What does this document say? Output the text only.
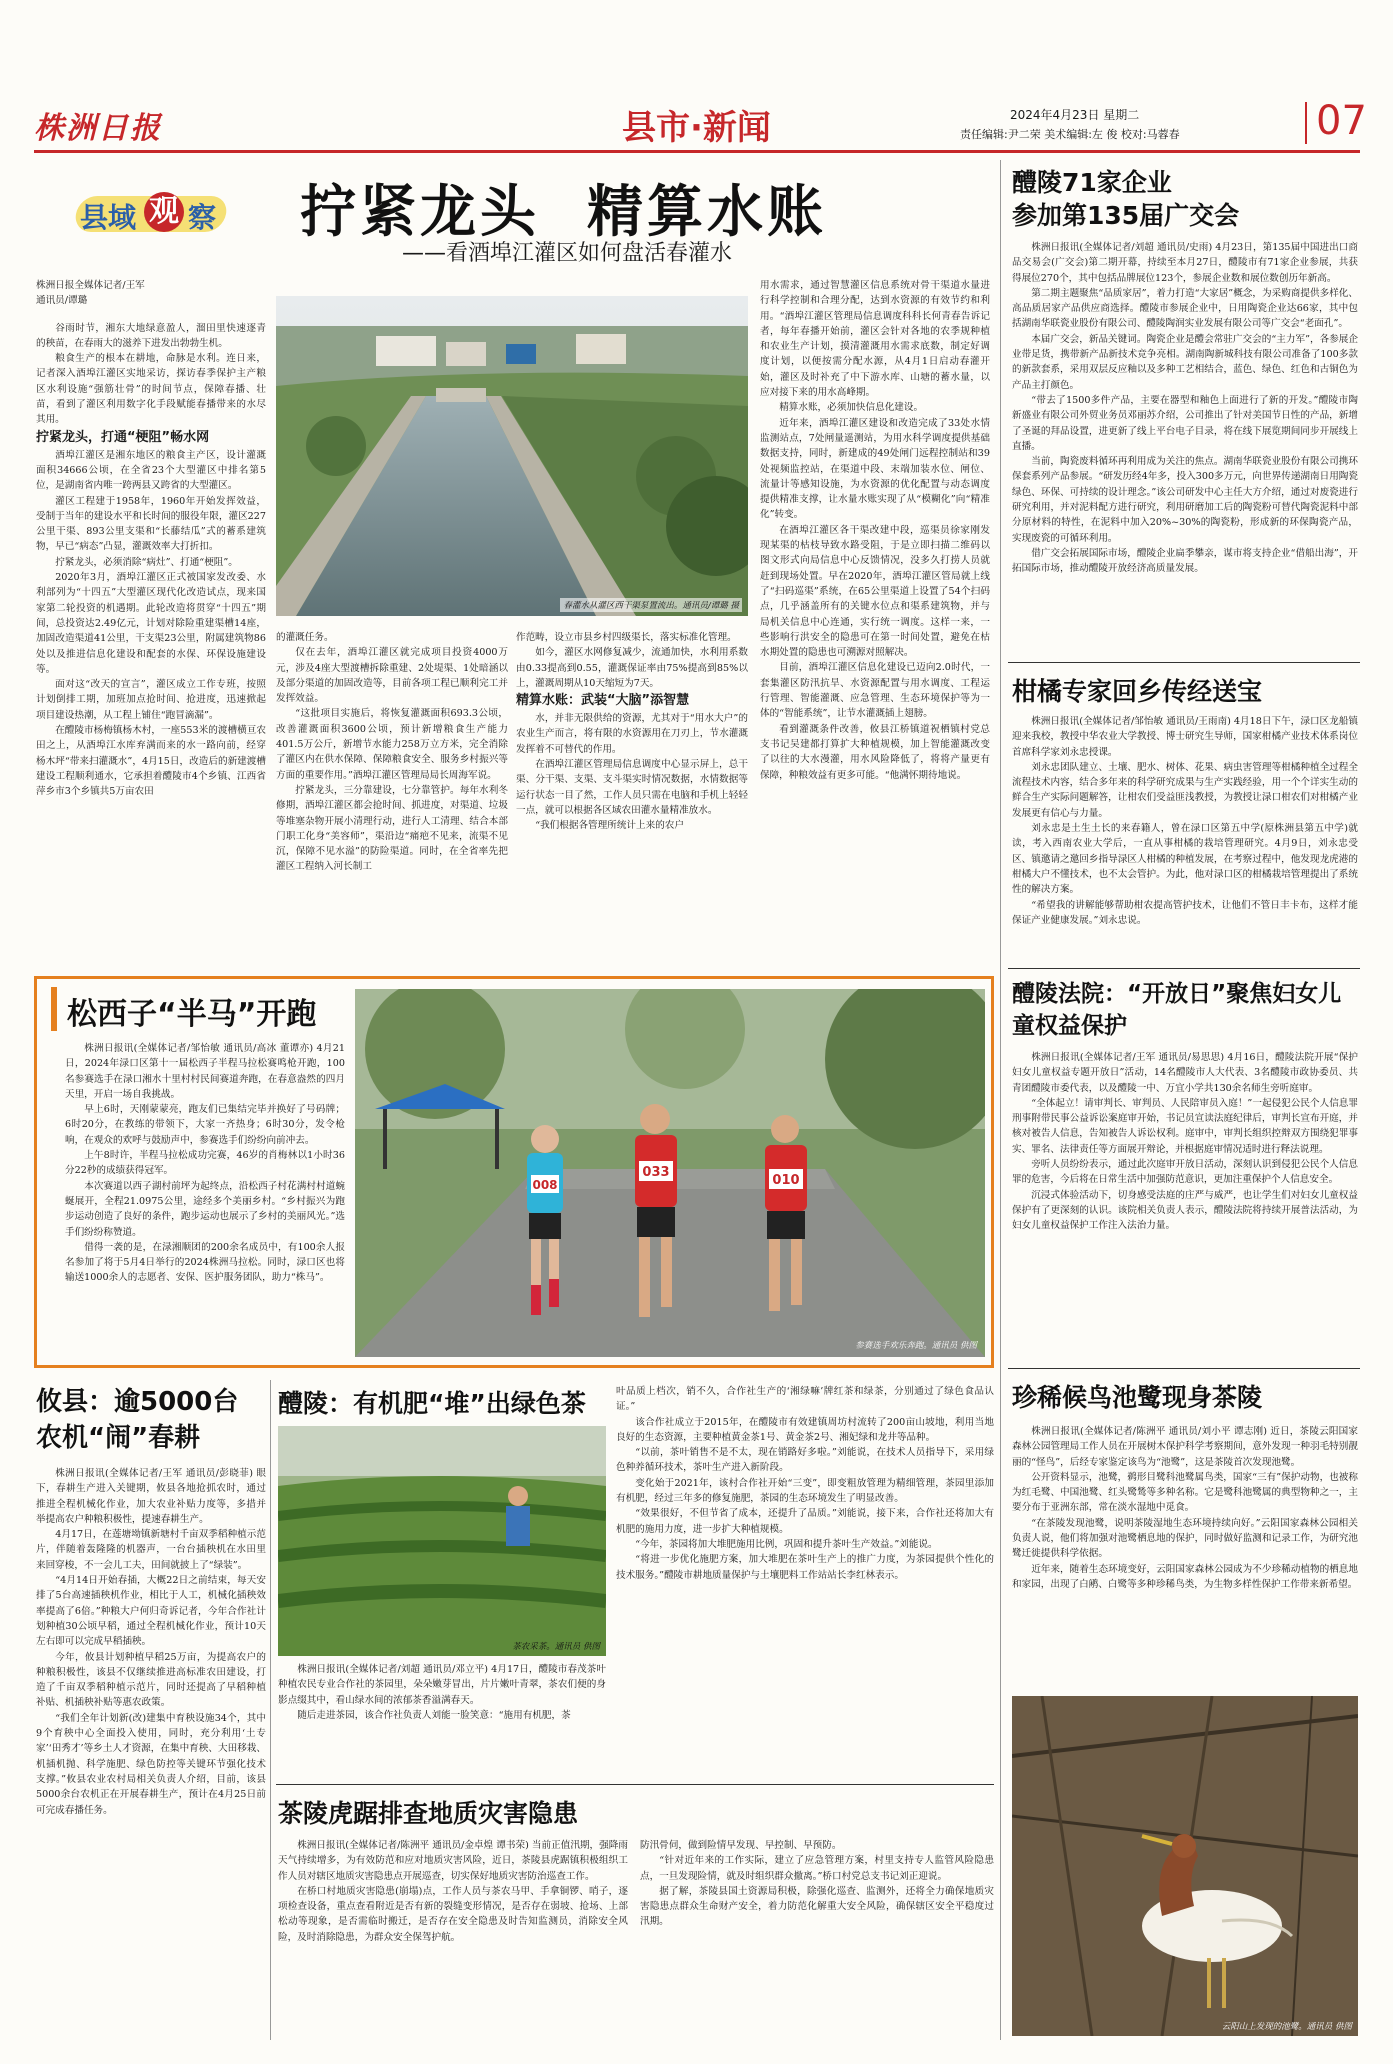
株洲日报	县市·新闻	2024年4月23日 星期二
责任编辑:尹二荣 美术编辑:左 俊 校对:马蓉春	07
县域 观 察 拧紧龙头  精算水账
——看酒埠江灌区如何盘活春灌水

株洲日报全媒体记者/王军
通讯员/谭璐

谷雨时节，湘东大地绿意盈人，溜田里快速逐青的秧苗，在春雨大的滋养下进发出勃勃生机。

粮食生产的根本在耕地，命脉是水利。连日来，记者深入酒埠江灌区实地采访，探访春季保护主产粮区水利设施“强筋壮骨”的时间节点，保障春播、壮苗，看到了灌区利用数字化手段赋能春播带来的水尽其用。

拧紧龙头，打通“梗阻”畅水网

酒埠江灌区是湘东地区的粮食主产区，设计灌溉面积34666公顷，在全省23个大型灌区中排名第5位，是湖南省内唯一跨两县又跨省的大型灌区。

灌区工程建于1958年，1960年开始发挥效益，受制于当年的建设水平和长时间的服役年限，灌区227公里干渠、893公里支渠和“长藤结瓜”式的蓄系建筑物，早已“病态”凸显，灌溉效率大打折扣。

拧紧龙头，必须消除“病灶”、打通“梗阻”。

2020年3月，酒埠江灌区正式被国家发改委、水利部列为“十四五”大型灌区现代化改造试点，现来国家第二轮投资的机遇期。此轮改造将贯穿“十四五”期间，总投资达2.49亿元，计划对除险重建渠槽14座，加固改造渠道41公里，干支渠23公里，附属建筑物86处以及推进信息化建设和配套的水保、环保设施建设等。

面对这“改天的宣言”，灌区成立工作专班，按照计划倒排工期，加班加点抢时间、抢进度，迅速掀起项目建设热潮，从工程上铺住“跑冒滴漏”。

在醴陵市杨梅镇杨木村，一座553米的渡槽横亘农田之上，从酒埠江水库弃满而来的水一路向前，经穿杨木坪“带来扫灌溉水”，4月15日，改造后的新建渡槽建设工程顺利通水，它承担着醴陵市4个乡镇、江西省萍乡市3个乡镇共5万亩农田

春灌水从灌区西干渠泵置流出。通讯员/谭璐 摄

用水需求，通过智慧灌区信息系统对骨干渠道水量进行科学控制和合理分配，达到水资源的有效节约和利用。“酒埠江灌区管理局信息调度科科长何青春告诉记者，每年春播开始前，灌区会针对各地的农季规种植和农业生产计划，摸清灌溉用水需求底数，制定好调度计划，以便按需分配水源，从4月1日启动春灌开始，灌区及时补充了中下游水库、山塘的蓄水量，以应对接下来的用水高峰期。

精算水账，必须加快信息化建设。

近年来，酒埠江灌区建设和改造完成了33处水情监测站点，7处闸量遥测站，为用水科学调度提供基础数据支持，同时，新建成的49处闸门远程控制站和39处视频监控站，在渠道中段、末端加装水位、闸位、流量计等感知设施，为水资源的优化配置与动态调度提供精准支撑，让水量水账实现了从“模糊化”向“精准化”转变。

在酒埠江灌区各干渠改建中段，巡渠员徐家刚发现某渠的枯枝导致水路受阻，于是立即扫描二维码以图文形式向局信息中心反馈情况，没多久打捞人员就赶到现场处置。早在2020年，酒埠江灌区管局就上线了“扫码巡渠”系统，在65公里渠道上设置了54个扫码点，几乎涵盖所有的关键水位点和渠系建筑物，并与局机关信息中心连通，实行统一调度。这样一来，一些影响行洪安全的隐患可在第一时间处置，避免在枯水期处置的隐患也可溯源对照解决。

目前，酒埠江灌区信息化建设已迈向2.0时代，一套集灌区防汛抗旱、水资源配置与用水调度、工程运行管理、智能灌溉、应急管理、生态环境保护等为一体的“智能系统”，让节水灌溉插上翅膀。

看到灌溉条件改善，攸县江桥镇道祝栖镇村党总支书记吴建都打算扩大种植规模，加上智能灌溉改变了以往的大水漫灌，用水风险降低了，将将产量更有保障，种粮效益有更多可能。“他满怀期待地说。

的灌溉任务。

仅在去年，酒埠江灌区就完成项目投资4000万元，涉及4座大型渡槽拆除重建、2处堤渠、1处暗涵以及部分渠道的加固改造等，目前各项工程已顺利完工并发挥效益。

“这批项目实施后，将恢复灌溉面积693.3公顷，改善灌溉面积3600公顷，预计新增粮食生产能力401.5万公斤，新增节水能力258万立方米，完全消除了灌区内在供水保障、保障粮食安全、服务乡村振兴等方面的重要作用。”酒埠江灌区管理局局长周海军说。

拧紧龙头，三分靠建设，七分靠管护。每年水利冬修期，酒埠江灌区都会抢时间、抓进度，对渠道、垃圾等堆塞杂物开展小清理行动，进行人工清理、结合本部门职工化身“美容师”，渠沿边“痛疤不见来，流渠不见沉，保障不见水溢”的防险渠道。同时，在全省率先把灌区工程纳入河长制工

作范畴，设立市县乡村四级渠长，落实标准化管理。

如今，灌区水网修复减少，流通加快，水利用系数由0.33提高到0.55，灌溉保证率由75%提高到85%以上，灌溉周期从10天缩短为7天。

精算水账：武装“大脑”添智慧

水，并非无限供给的资源，尤其对于“用水大户”的农业生产而言，将有限的水资源用在刀刃上，节水灌溉发挥着不可替代的作用。

在酒埠江灌区管理局信息调度中心显示屏上，总干渠、分干渠、支渠、支斗渠实时情况数据，水情数据等运行状态一目了然，工作人员只需在电脑和手机上轻轻一点，就可以根据各区域农田灌水量精准放水。

“我们根据各管理所统计上来的农户

醴陵71家企业
参加第135届广交会

株洲日报讯(全媒体记者/刘超 通讯员/史雨) 4月23日，第135届中国进出口商品交易会(广交会)第二期开幕，持续至本月27日，醴陵市有71家企业参展，共获得展位270个，其中包括品牌展位123个，参展企业数和展位数创历年新高。

第二期主题聚焦“品质家居”，着力打造“大家居”概念，为采购商提供多样化、高品质居家产品供应商选择。醴陵市参展企业中，日用陶瓷企业达66家，其中包括湖南华联瓷业股份有限公司、醴陵陶润实业发展有限公司等广交会“老面孔”。

本届广交会，新品关键词。陶瓷企业是醴会常驻广交会的“主力军”，各参展企业带足货，携带新产品新技术竞争亮相。湖南陶新城科技有限公司准备了100多款的新款套系，采用双层反应釉以及多种工艺相结合，蓝色、绿色、红色和古铜色为产品主打颜色。

“带去了1500多件产品，主要在器型和釉色上面进行了新的开发。”醴陵市陶新盛业有限公司外贸业务员邓丽苏介绍，公司推出了针对美国节日性的产品，新增了圣诞的拜品设置，进更新了线上平台电子目录，将在线下展览期间同步开展线上直播。

当前，陶瓷废料循环再利用成为关注的焦点。湖南华联瓷业股份有限公司携环保套系列产品参展。“研发历经4年多，投入300多万元，向世界传递湖南日用陶瓷绿色、环保、可持续的设计理念。”该公司研发中心主任大方介绍，通过对废瓷进行研究利用，并对泥料配方进行研究，利用研磨加工后的陶瓷粉可替代陶瓷泥料中部分原材料的特性，在泥料中加入20%~30%的陶瓷粉，形成新的环保陶瓷产品，实现废瓷的可循环利用。

借广交会拓展国际市场，醴陵企业扁季攀亲，谋市将支持企业“借船出海”，开拓国际市场，推动醴陵开放经济高质量发展。

柑橘专家回乡传经送宝

株洲日报讯(全媒体记者/邹怡敏 通讯员/王雨南) 4月18日下午，渌口区龙船镇迎来我校，教授中华农业大学教授、博士研究生导师，国家柑橘产业技术体系岗位首席科学家刘永忠授课。

刘永忠团队建立、土壤、肥水、树体、花果、病虫害管理等柑橘种植全过程全流程技术内容，结合多年来的科学研究成果与生产实践经验，用一个个详实生动的鲜合生产实际问题解答，让柑农们受益匪浅教授，为教授让渌口柑农们对柑橘产业发展更有信心与力量。

刘永忠是土生土长的来春籍人，曾在渌口区第五中学(原株洲县第五中学)就读，考入西南农业大学后，一直从事柑橘的栽培管理研究。4月9日，刘永忠受区、镇邀请之邀回乡指导渌区人柑橘的种植发展，在考察过程中，他发现龙虎港的柑橘大户不懂技术，也不太会管护。为此，他对渌口区的柑橘栽培管理提出了系统性的解决方案。

“希望我的讲解能够帮助柑农提高管护技术，让他们不管日丰卡布，这样才能保证产业健康发展。”刘永忠说。

松西子“半马”开跑

株洲日报讯(全媒体记者/邹怡敏 通讯员/高冰 董谭亦) 4月21日，2024年渌口区第十一届松西子半程马拉松赛鸣枪开跑，100名参赛选手在渌口湘水十里村村民间赛道奔跑，在春意盎然的四月天里，开启一场自我挑战。

早上6时，天刚蒙蒙亮，跑友们已集结完毕并换好了号码牌；6时20分，在教练的带领下，大家一齐热身；6时30分，发令枪响，在观众的欢呼与鼓励声中，参赛选手们纷纷向前冲去。

上午8时许，半程马拉松成功完赛，46岁的肖梅林以1小时36分22秒的成绩获得冠军。

本次赛道以西子湖村前坪为起终点，沿松西子村花满村村道蜿蜒展开，全程21.0975公里，途经多个美丽乡村。“乡村振兴为跑步运动创造了良好的条件，跑步运动也展示了乡村的美丽风光。”选手们纷纷称赞道。

借得一袭的是，在渌湘顺团的200余名成员中，有100余人报名参加了将于5月4日举行的2024株洲马拉松。同时，渌口区也将输送1000余人的志愿者、安保、医护服务团队，助力“株马”。

008
033
010
参赛选手欢乐奔跑。通讯员 供图
醴陵法院：“开放日”聚焦妇女儿童权益保护

株洲日报讯(全媒体记者/王军 通讯员/易思思) 4月16日，醴陵法院开展“保护妇女儿童权益专题开放日”活动，14名醴陵市人大代表、3名醴陵市政协委员、共青团醴陵市委代表，以及醴陵一中、万宜小学共130余名师生旁听庭审。

“全体起立！请审判长、审判员、人民陪审员入庭！”一起侵犯公民个人信息罪刑事附带民事公益诉讼案庭审开始，书记员宣读法庭纪律后，审判长宣布开庭，并核对被告人信息，告知被告人诉讼权利。庭审中，审判长组织控辩双方围绕犯罪事实、罪名、法律责任等方面展开辩论，并根据庭审情况适时进行释法说理。

旁听人员纷纷表示，通过此次庭审开放日活动，深刻认识到侵犯公民个人信息罪的危害，今后将在日常生活中加强防范意识，更加注重保护个人信息安全。

沉浸式体验活动下，切身感受法庭的庄严与威严，也让学生们对妇女儿童权益保护有了更深刻的认识。该院相关负责人表示，醴陵法院将持续开展普法活动，为妇女儿童权益保护工作注入法治力量。

珍稀候鸟池鹭现身茶陵

株洲日报讯(全媒体记者/陈洲平 通讯员/刘小平 谭志刚) 近日，茶陵云阳国家森林公园管理局工作人员在开展树木保护科学考察期间，意外发现一种羽毛特别靓丽的“怪鸟”，后经专家鉴定该鸟为“池鹭”，这是茶陵首次发现池鹭。

公开资料显示，池鹭，鹈形目鹭科池鹭属鸟类，国家“三有”保护动物，也被称为红毛鹭、中国池鹭、红头鹭鸶等多种名称。它是鹭科池鹭属的典型物种之一，主要分布于亚洲东部，常在淡水湿地中觅食。

“在茶陵发现池鹭，说明茶陵湿地生态环境持续向好。”云阳国家森林公园相关负责人说，他们将加强对池鹭栖息地的保护，同时做好监测和记录工作，为研究池鹭迁徙提供科学依据。

近年来，随着生态环境变好，云阳国家森林公园成为不少珍稀动植物的栖息地和家园，出现了白鹇、白鹭等多种珍稀鸟类，为生物多样性保护工作带来新希望。

云阳山上发现的池鹭。通讯员 供图
攸县：逾5000台
农机“闹”春耕

株洲日报讯(全媒体记者/王军 通讯员/彭晓菲) 眼下，春耕生产进入关键期，攸县各地抢抓农时，通过推进全程机械化作业，加大农业补贴力度等，多措并举提高农户种粮积极性，提速春耕生产。

4月17日，在莲塘坳镇新塘村千亩双季稻种植示范片，伴随着轰隆隆的机器声，一台台插秧机在水田里来回穿梭，不一会儿工夫，田间就披上了“绿装”。

“4月14日开始春插，大概22日之前结束，每天安排了5台高速插秧机作业，相比于人工，机械化插秧效率提高了6倍。”种粮大户何归奇诉记者，今年合作社计划种植30公顷早稻，通过全程机械化作业，预计10天左右即可以完成早稻插秧。

今年，攸县计划种植早稻25万亩，为提高农户的种粮积极性，该县不仅继续推进高标准农田建设，打造了千亩双季稻种植示范片，同时还提高了早稻种植补贴、机插秧补贴等惠农政策。

“我们全年计划新(改)建集中育秧设施34个，其中9个育秧中心全面投入使用，同时，充分利用‘土专家’‘田秀才’等乡土人才资源，在集中育秧、大田移栽、机插机抛、科学施肥、绿色防控等关键环节强化技术支撑。”攸县农业农村局相关负责人介绍，目前，该县5000余台农机正在开展春耕生产，预计在4月25日前可完成春播任务。

醴陵：有机肥“堆”出绿色茶
茶农采茶。通讯员 供图

株洲日报讯(全媒体记者/刘超 通讯员/邓立平) 4月17日，醴陵市春茂茶叶种植农民专业合作社的茶园里，朵朵嫩芽冒出，片片嫩叶青翠，茶农们便的身影点缀其中，看山绿水间的浓郁茶香溢满春天。

随后走进茶园，该合作社负责人刘能一脸笑意：“施用有机肥，茶

叶品质上档次，销不久，合作社生产的‘湘绿嘛’牌红茶和绿茶，分别通过了绿色食品认证。”

该合作社成立于2015年，在醴陵市有效建镇周坊村流转了200亩山坡地，利用当地良好的生态资源，主要种植黄金茶1号、黄金茶2号、湘妃绿和龙井等品种。

“以前，茶叶销售不是不太，现在销路好多啦。”刘能说，在技术人员指导下，采用绿色种养循环技术，茶叶生产进入新阶段。

变化始于2021年，该村合作社开始“三变”，即变粗放管理为精细管理，茶园里添加有机肥，经过三年多的修复施肥，茶园的生态环境发生了明显改善。

“效果很好，不但节省了成本，还提升了品质。”刘能说，接下来，合作社还将加大有机肥的施用力度，进一步扩大种植规模。

“今年，茶园将加大堆肥施用比例，巩固和提升茶叶生产效益。”刘能说。

“将进一步优化施肥方案，加大堆肥在茶叶生产上的推广力度，为茶园提供个性化的技术服务。”醴陵市耕地质量保护与土壤肥料工作站站长李红林表示。

茶陵虎踞排查地质灾害隐患

株洲日报讯(全媒体记者/陈洲平 通讯员/金卓煌 谭书荣) 当前正值汛期，强降雨天气持续增多，为有效防范和应对地质灾害风险，近日，茶陵县虎踞镇积极组织工作人员对辖区地质灾害隐患点开展巡查，切实保好地质灾害防治巡查工作。

在桥口村地质灾害隐患(崩塌)点，工作人员与茶农马甲、手拿铜锣、哨子，逐项检查设备，重点查看附近是否有新的裂缝变形情况，是否存在弱坡、抢场、上部松动等现象，是否需临时搬迁，是否存在安全隐患及时告知监测员，消除安全风险，及时消除隐患，为群众安全保驾护航。

防汛骨伺，做到险情早发现、早控制、早预防。

“针对近年来的工作实际，建立了应急管理方案，村里支持专人监管风险隐患点，一旦发现险情，就及时组织群众撤离。”桥口村党总支书记刘正迎说。

据了解，茶陵县国土资源局积极，除强化巡查、监测外，还将全力确保地质灾害隐患点群众生命财产安全，着力防范化解重大安全风险，确保辖区安全平稳度过汛期。
